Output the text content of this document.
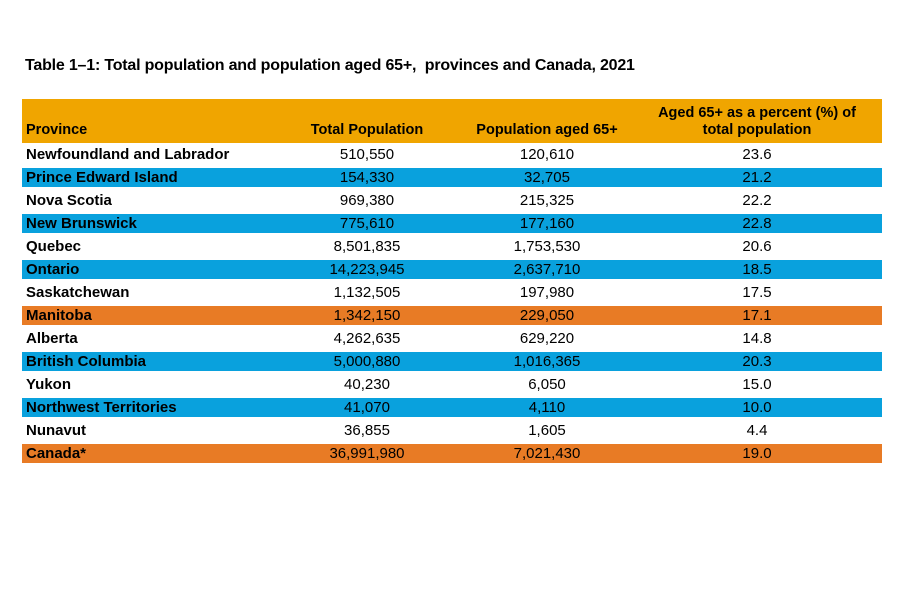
Table 1–1: Total population and population aged 65+,  provinces and Canada, 2021
Province	Total Population	Population aged 65+	Aged 65+ as a percent (%) of
total population

Newfoundland and Labrador	510,550	120,610	23.6
Prince Edward Island	154,330	32,705	21.2
Nova Scotia	969,380	215,325	22.2
New Brunswick	775,610	177,160	22.8
Quebec	8,501,835	1,753,530	20.6
Ontario	14,223,945	2,637,710	18.5
Saskatchewan	1,132,505	197,980	17.5
Manitoba	1,342,150	229,050	17.1
Alberta	4,262,635	629,220	14.8
British Columbia	5,000,880	1,016,365	20.3
Yukon	40,230	6,050	15.0
Northwest Territories	41,070	4,110	10.0
Nunavut	36,855	1,605	4.4
Canada*	36,991,980	7,021,430	19.0
